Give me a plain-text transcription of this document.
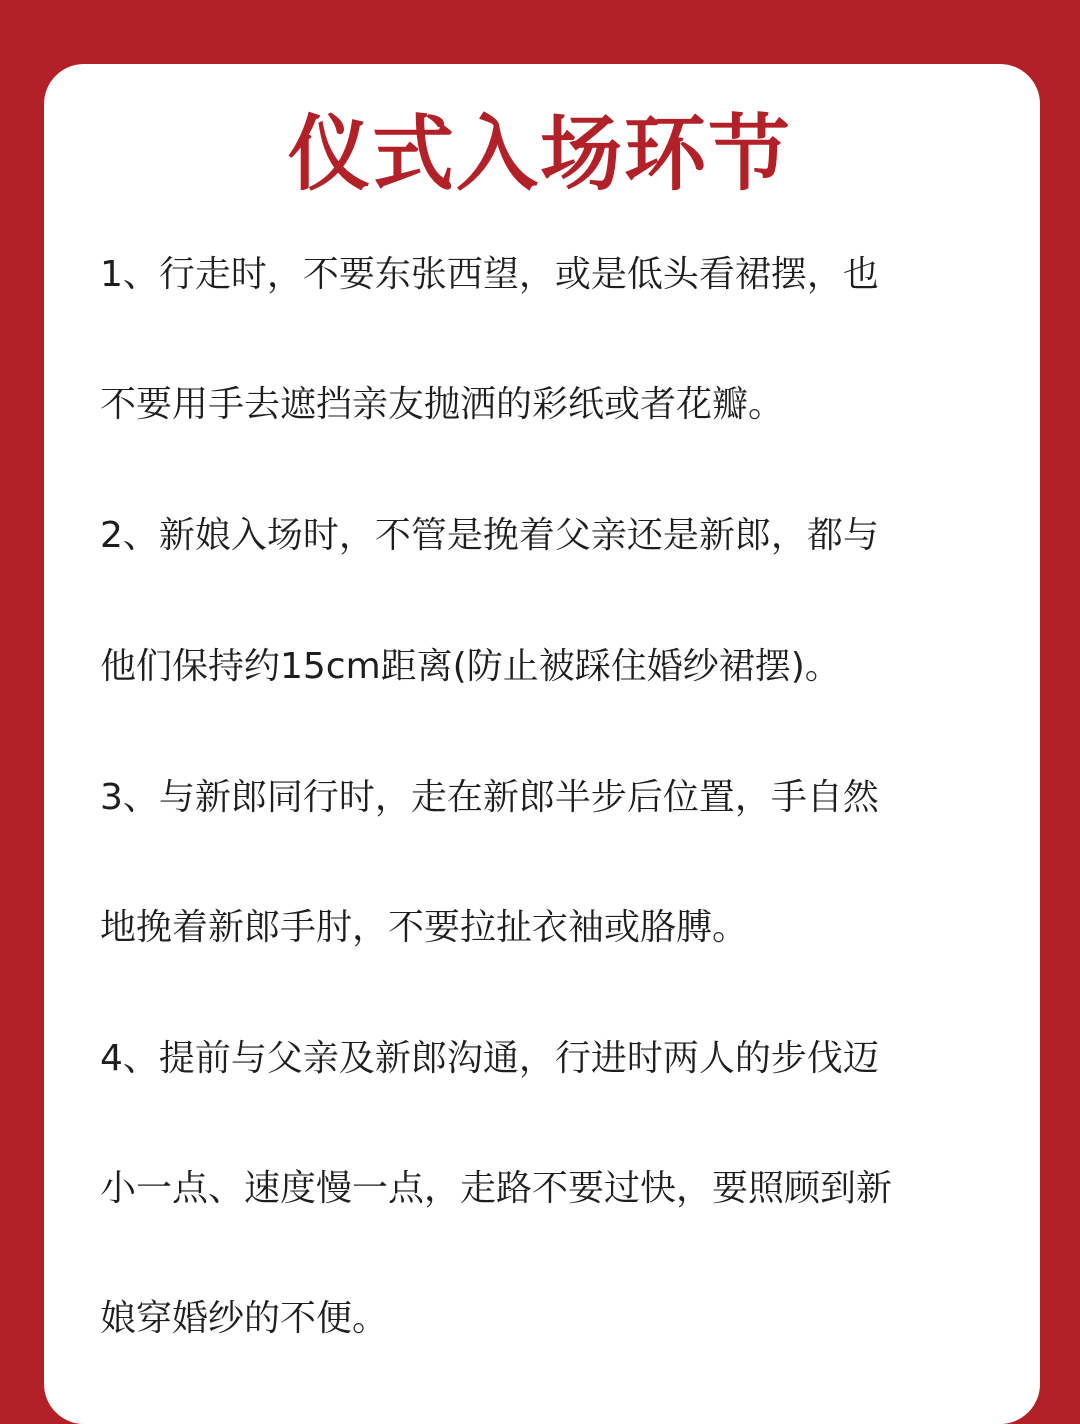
仪式入场环节

1、行走时，不要东张西望，或是低头看裙摆，也

不要用手去遮挡亲友抛洒的彩纸或者花瓣。

2、新娘入场时，不管是挽着父亲还是新郎，都与

他们保持约15cm距离(防止被踩住婚纱裙摆)。

3、与新郎同行时，走在新郎半步后位置，手自然

地挽着新郎手肘，不要拉扯衣袖或胳膊。

4、提前与父亲及新郎沟通，行进时两人的步伐迈

小一点、速度慢一点，走路不要过快，要照顾到新

娘穿婚纱的不便。
